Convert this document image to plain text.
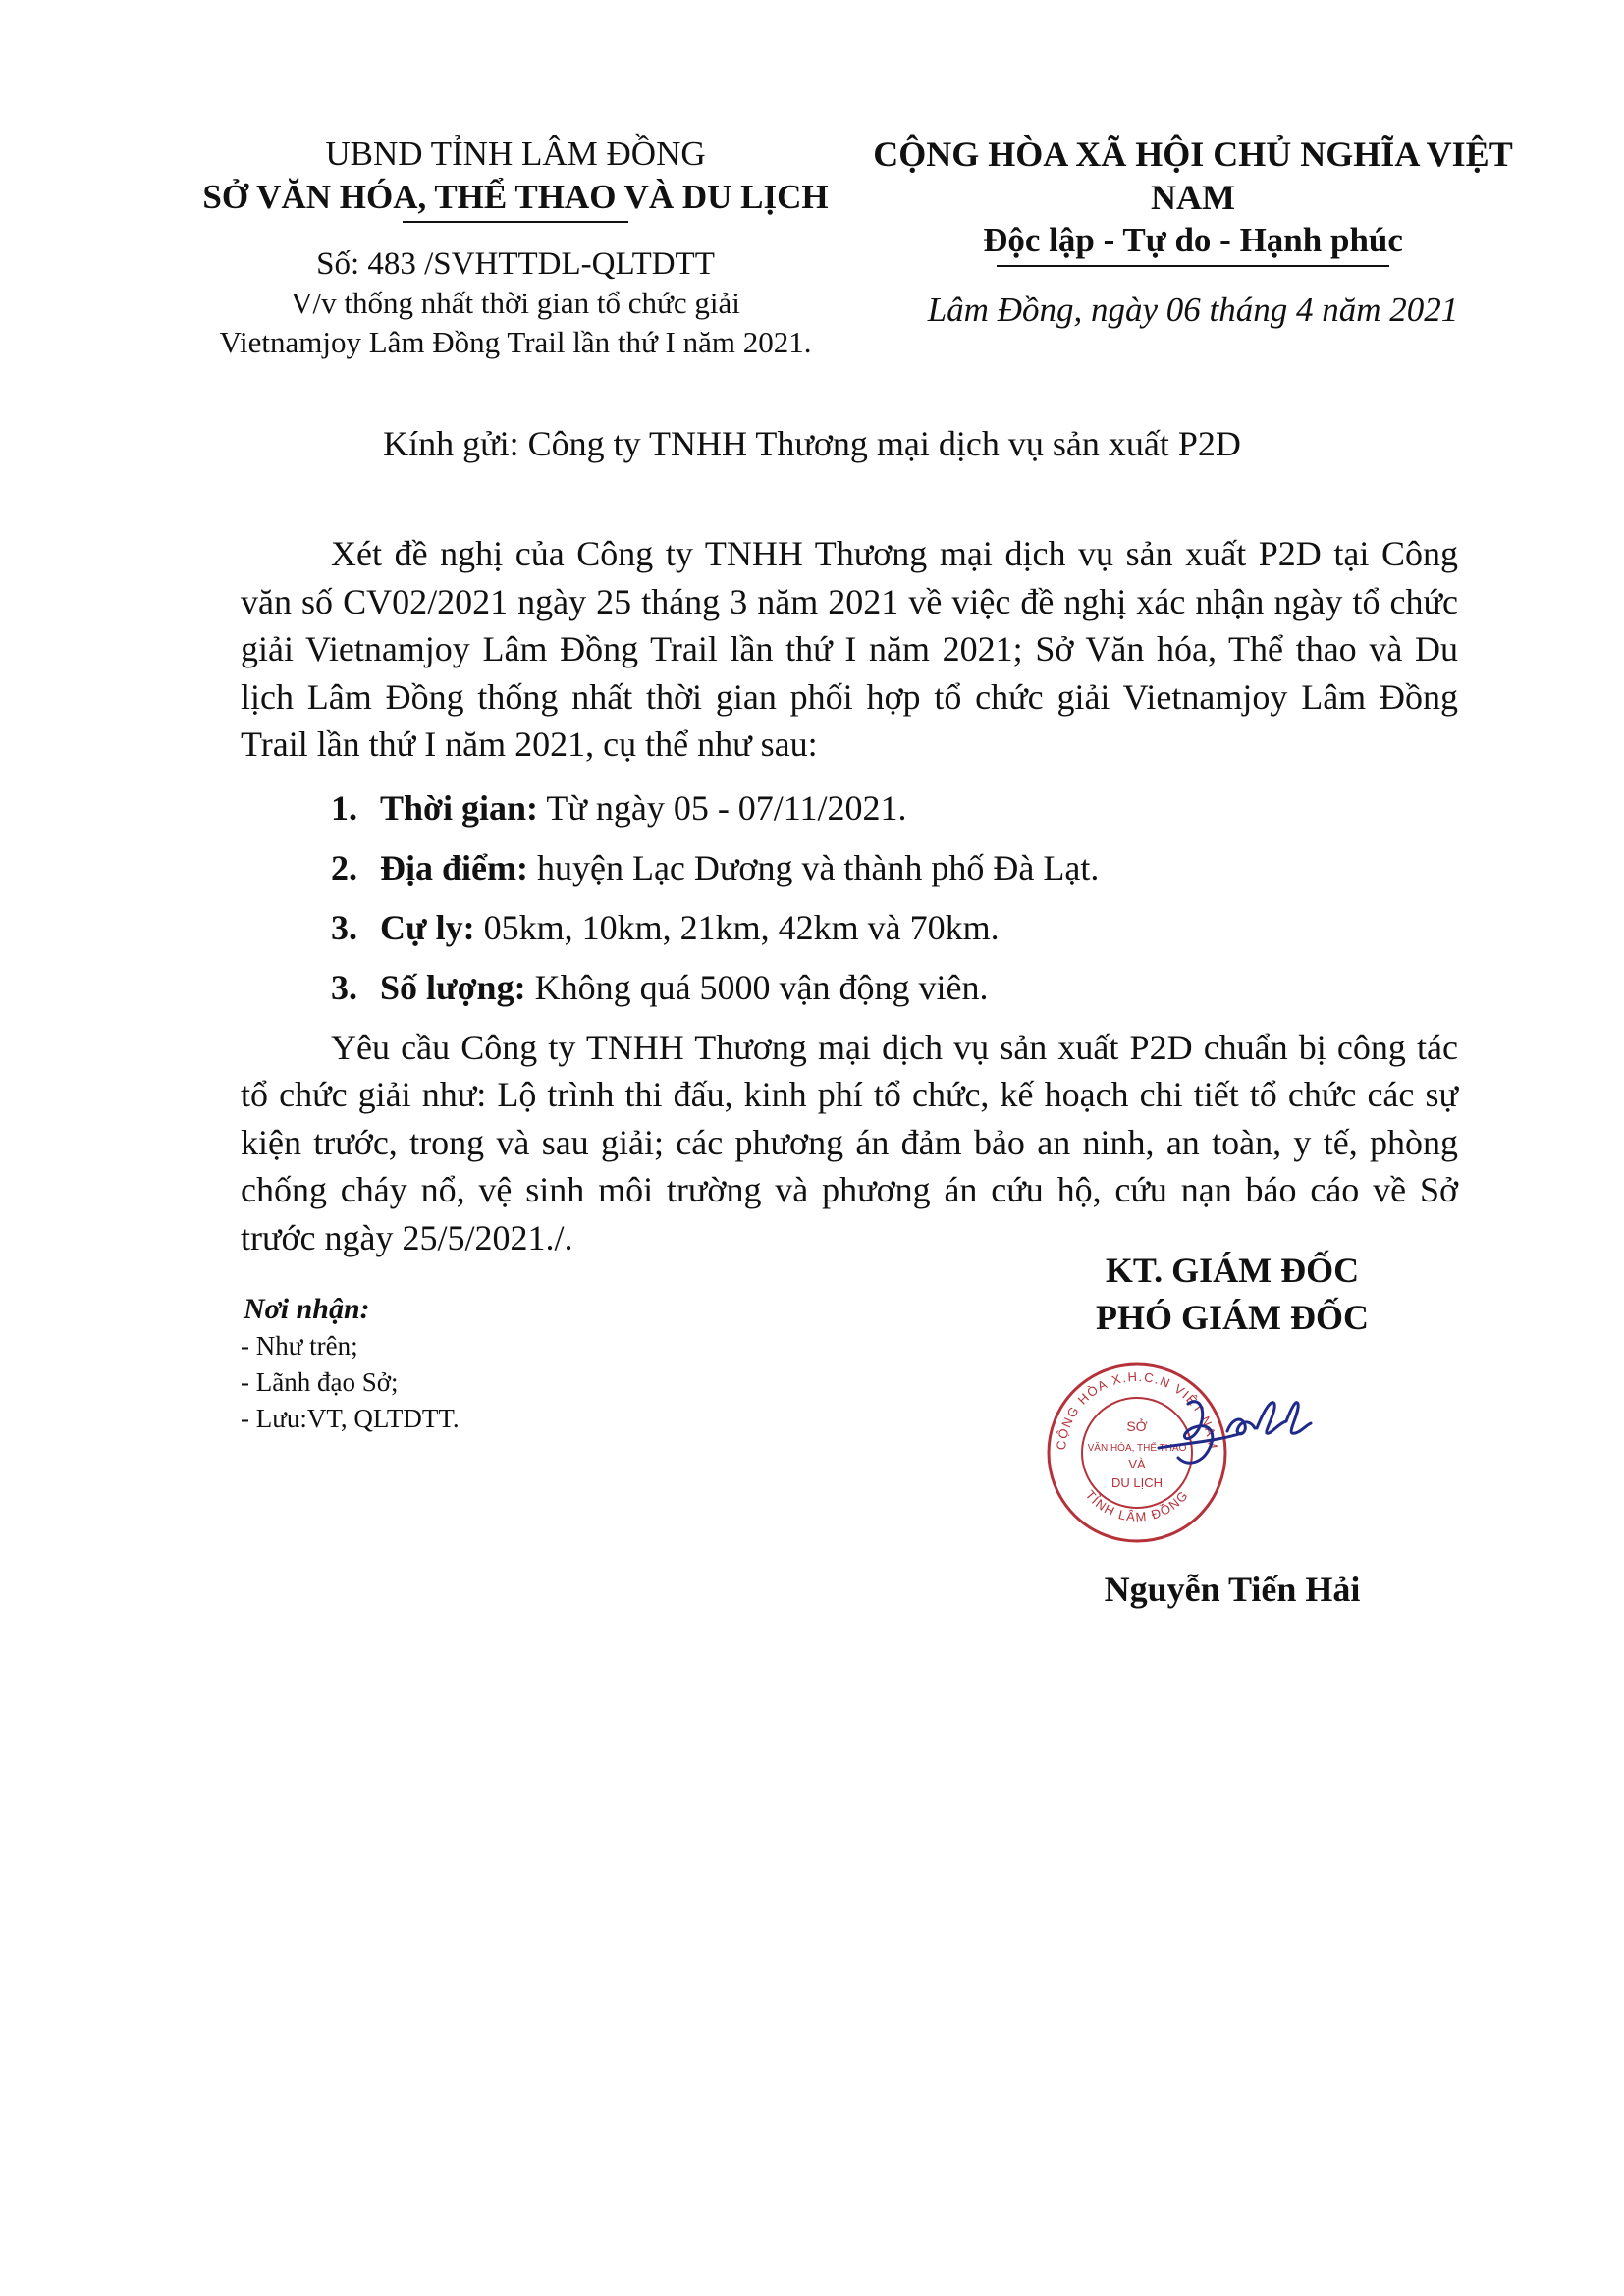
UBND TỈNH LÂM ĐỒNG
SỞ VĂN HÓA, THỂ THAO VÀ DU LỊCH
Số: 483 /SVHTTDL-QLTDTT
V/v thống nhất thời gian tổ chức giải
Vietnamjoy Lâm Đồng Trail lần thứ I năm 2021.
CỘNG HÒA XÃ HỘI CHỦ NGHĨA VIỆT NAM
Độc lập - Tự do - Hạnh phúc
Lâm Đồng, ngày 06 tháng 4 năm 2021
Kính gửi: Công ty TNHH Thương mại dịch vụ sản xuất P2D

Xét đề nghị của Công ty TNHH Thương mại dịch vụ sản xuất P2D tại Công văn số CV02/2021 ngày 25 tháng 3 năm 2021 về việc đề nghị xác nhận ngày tổ chức giải Vietnamjoy Lâm Đồng Trail lần thứ I năm 2021; Sở Văn hóa, Thể thao và Du lịch Lâm Đồng thống nhất thời gian phối hợp tổ chức giải Vietnamjoy Lâm Đồng Trail lần thứ I năm 2021, cụ thể như sau:

1. Thời gian: Từ ngày 05 - 07/11/2021.
2. Địa điểm: huyện Lạc Dương và thành phố Đà Lạt.
3. Cự ly: 05km, 10km, 21km, 42km và 70km.
3. Số lượng: Không quá 5000 vận động viên.

Yêu cầu Công ty TNHH Thương mại dịch vụ sản xuất P2D chuẩn bị công tác tổ chức giải như: Lộ trình thi đấu, kinh phí tổ chức, kế hoạch chi tiết tổ chức các sự kiện trước, trong và sau giải; các phương án đảm bảo an ninh, an toàn, y tế, phòng chống cháy nổ, vệ sinh môi trường và phương án cứu hộ, cứu nạn báo cáo về Sở trước ngày 25/5/2021./.

Nơi nhận:
- Như trên;
- Lãnh đạo Sở;
- Lưu:VT, QLTDTT.
KT. GIÁM ĐỐC
PHÓ GIÁM ĐỐC
CỘNG HÒA X.H.C.N VIỆT NAM
TỈNH LÂM ĐỒNG
SỞ
VĂN HÓA, THỂ THAO
VÀ
DU LỊCH
Nguyễn Tiến Hải
